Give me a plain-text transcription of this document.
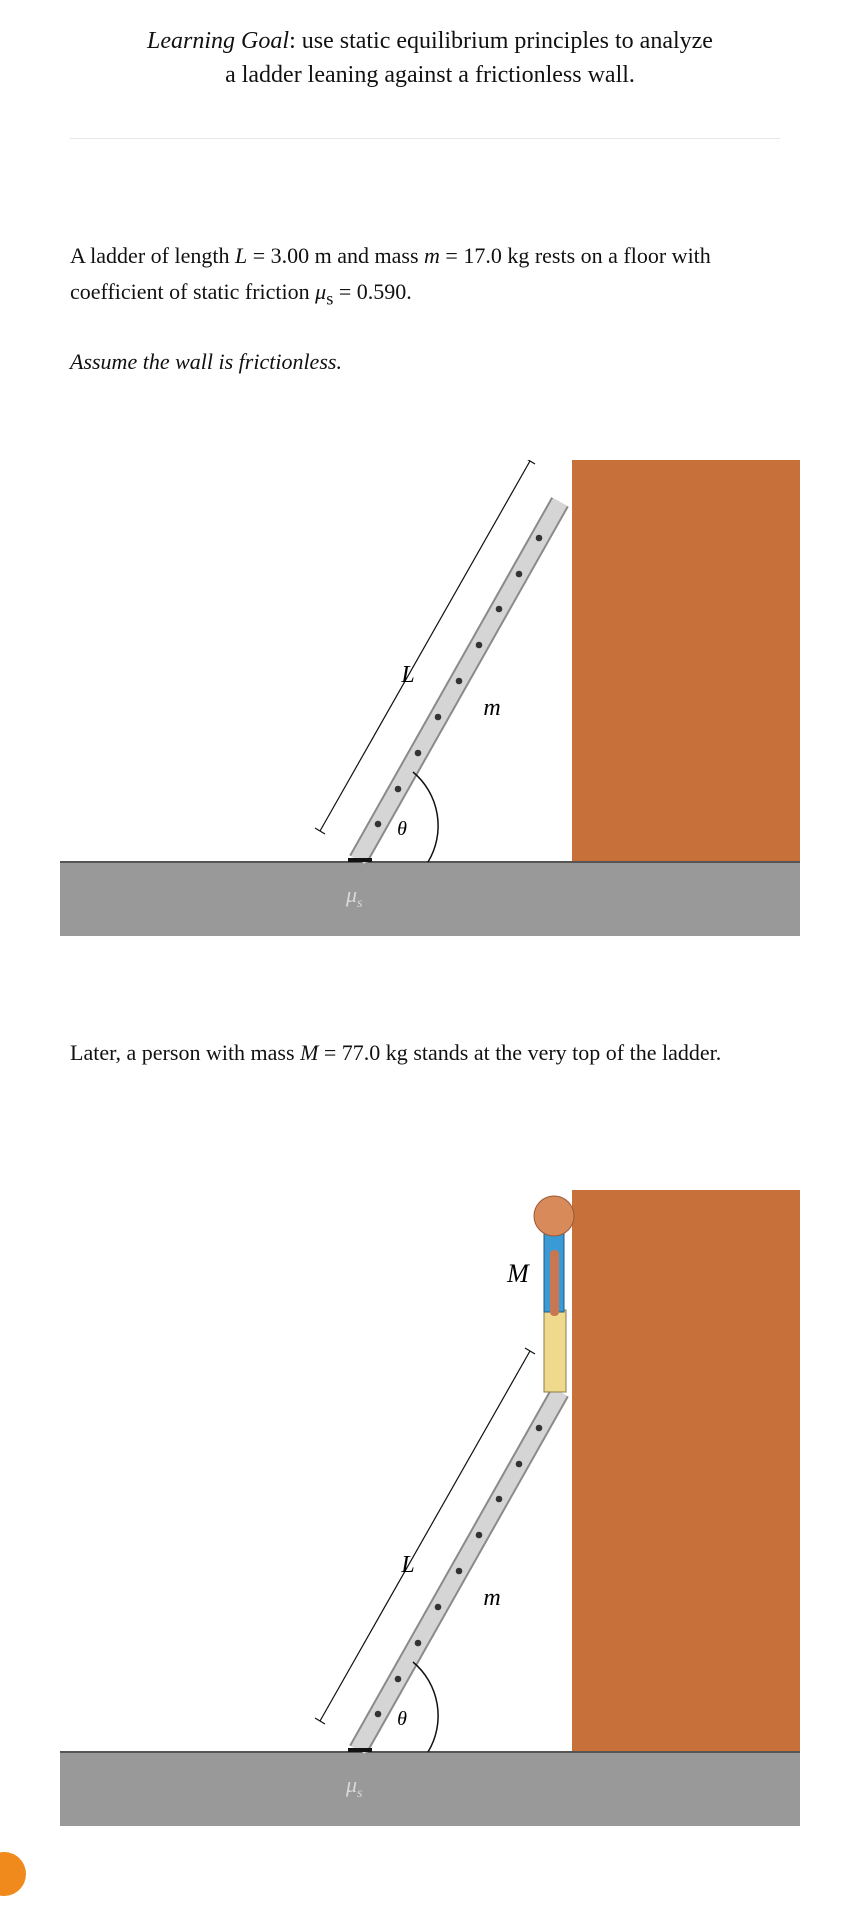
Learning Goal: use static equilibrium principles to analyze
a ladder leaning against a frictionless wall.
A ladder of length L = 3.00 m and mass m = 17.0 kg rests on a floor with coefficient of static friction $\mu_s = 0.590$.
Assume the wall is frictionless.
L
m
θ
$\mu_s$
Later, a person with mass M = 77.0 kg stands at the very top of the ladder.
M
L
m
θ
$\mu_s$
